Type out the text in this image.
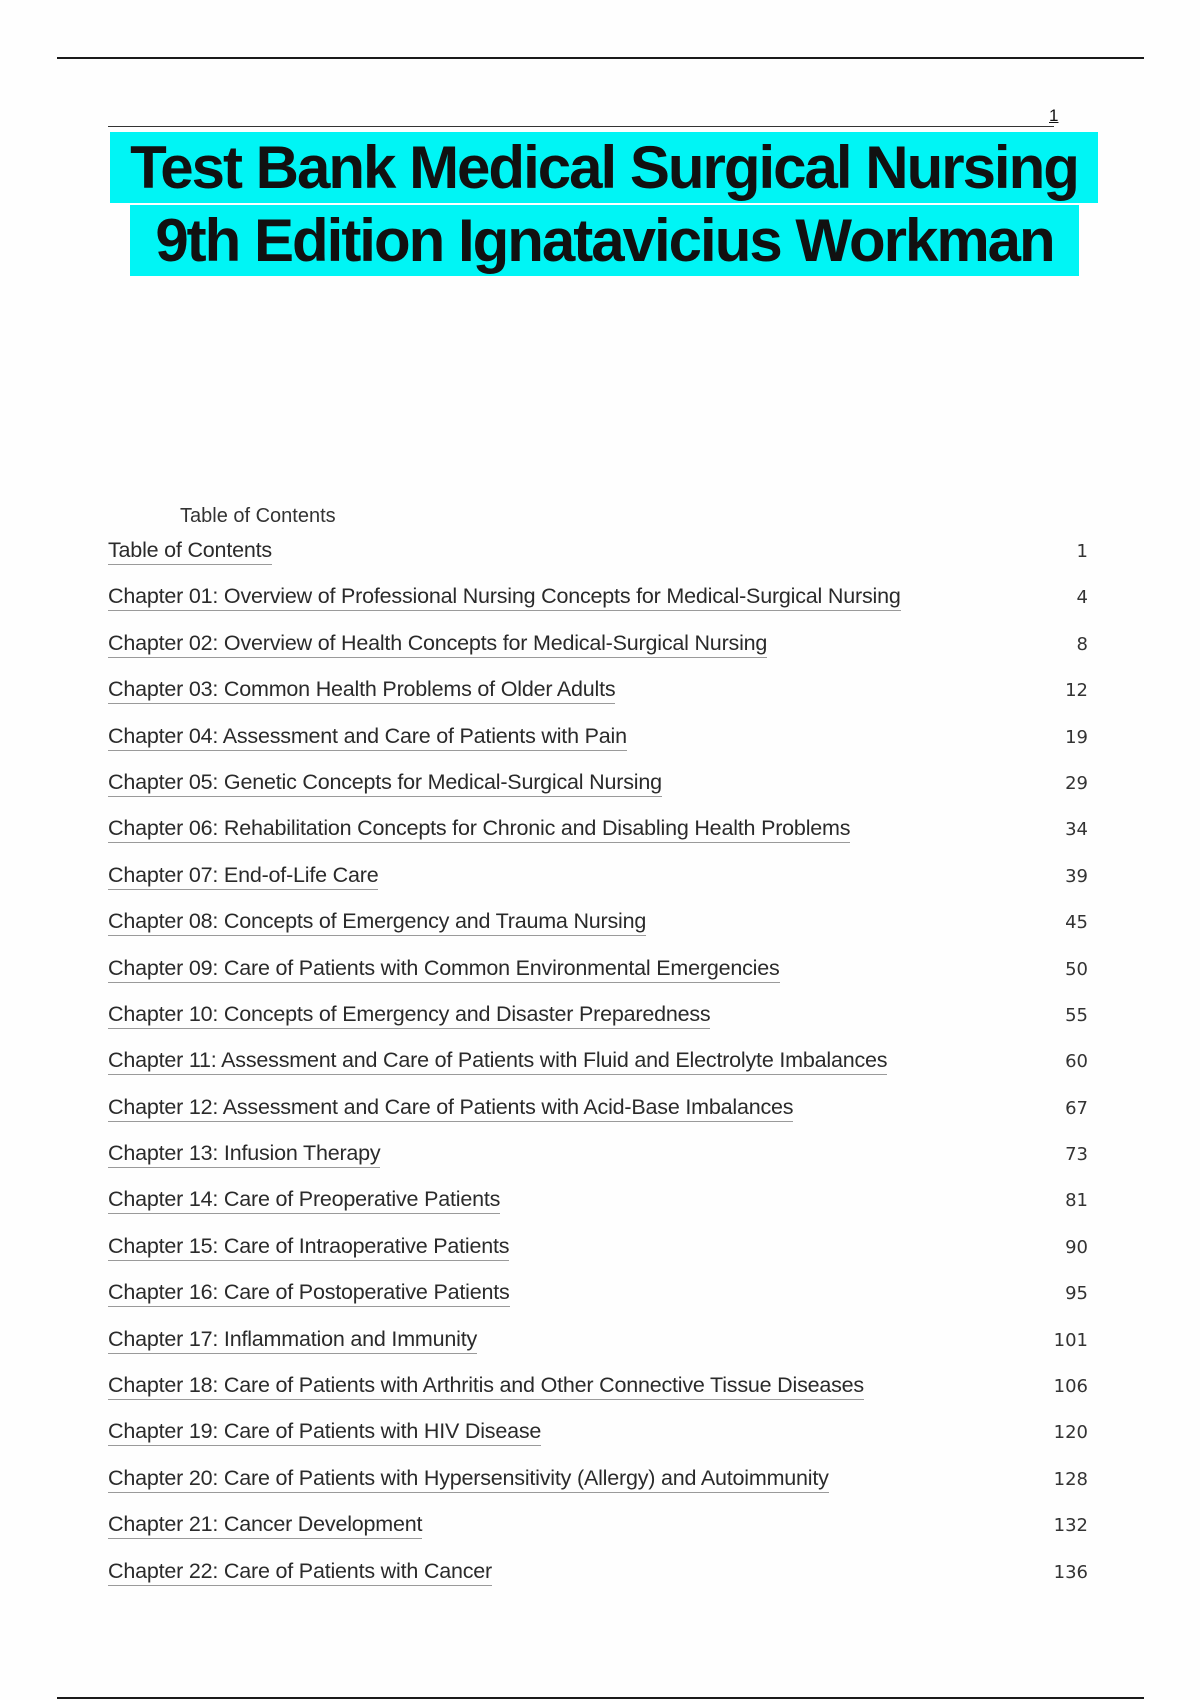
1
Test Bank Medical Surgical Nursing
9th Edition Ignatavicius Workman
Table of Contents
Table of Contents	1
Chapter 01: Overview of Professional Nursing Concepts for Medical-Surgical Nursing	4
Chapter 02: Overview of Health Concepts for Medical-Surgical Nursing	8
Chapter 03: Common Health Problems of Older Adults	12
Chapter 04: Assessment and Care of Patients with Pain	19
Chapter 05: Genetic Concepts for Medical-Surgical Nursing	29
Chapter 06: Rehabilitation Concepts for Chronic and Disabling Health Problems	34
Chapter 07: End-of-Life Care	39
Chapter 08: Concepts of Emergency and Trauma Nursing	45
Chapter 09: Care of Patients with Common Environmental Emergencies	50
Chapter 10: Concepts of Emergency and Disaster Preparedness	55
Chapter 11: Assessment and Care of Patients with Fluid and Electrolyte Imbalances	60
Chapter 12: Assessment and Care of Patients with Acid-Base Imbalances	67
Chapter 13: Infusion Therapy	73
Chapter 14: Care of Preoperative Patients	81
Chapter 15: Care of Intraoperative Patients	90
Chapter 16: Care of Postoperative Patients	95
Chapter 17: Inflammation and Immunity	101
Chapter 18: Care of Patients with Arthritis and Other Connective Tissue Diseases	106
Chapter 19: Care of Patients with HIV Disease	120
Chapter 20: Care of Patients with Hypersensitivity (Allergy) and Autoimmunity	128
Chapter 21: Cancer Development	132
Chapter 22: Care of Patients with Cancer	136
